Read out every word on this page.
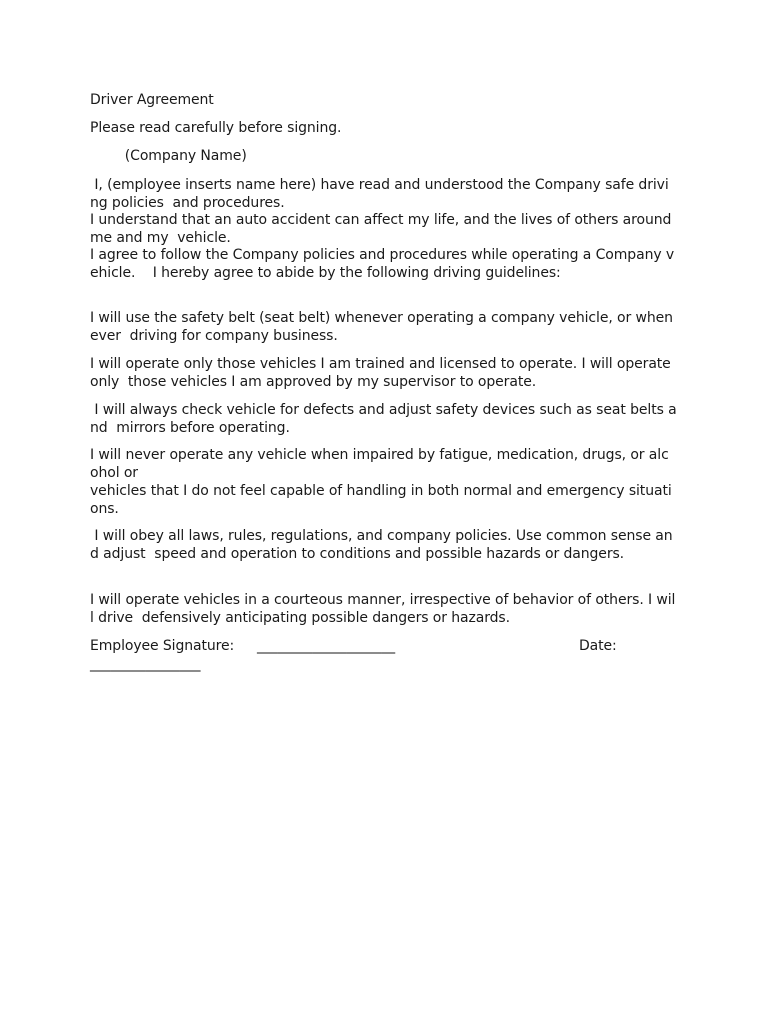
Driver Agreement
Please read carefully before signing.
(Company Name)
I, (employee inserts name here) have read and understood the Company safe drivi
ng policies  and procedures.
I understand that an auto accident can affect my life, and the lives of others around
me and my  vehicle.
I agree to follow the Company policies and procedures while operating a Company v
ehicle.    I hereby agree to abide by the following driving guidelines:
I will use the safety belt (seat belt) whenever operating a company vehicle, or when
ever  driving for company business.
I will operate only those vehicles I am trained and licensed to operate. I will operate
only  those vehicles I am approved by my supervisor to operate.
I will always check vehicle for defects and adjust safety devices such as seat belts a
nd  mirrors before operating.
I will never operate any vehicle when impaired by fatigue, medication, drugs, or alc
ohol or
vehicles that I do not feel capable of handling in both normal and emergency situati
ons.
I will obey all laws, rules, regulations, and company policies. Use common sense an
d adjust  speed and operation to conditions and possible hazards or dangers.
I will operate vehicles in a courteous manner, irrespective of behavior of others. I wil
l drive  defensively anticipating possible dangers or hazards.
Employee Signature:	____________________	Date:
________________
